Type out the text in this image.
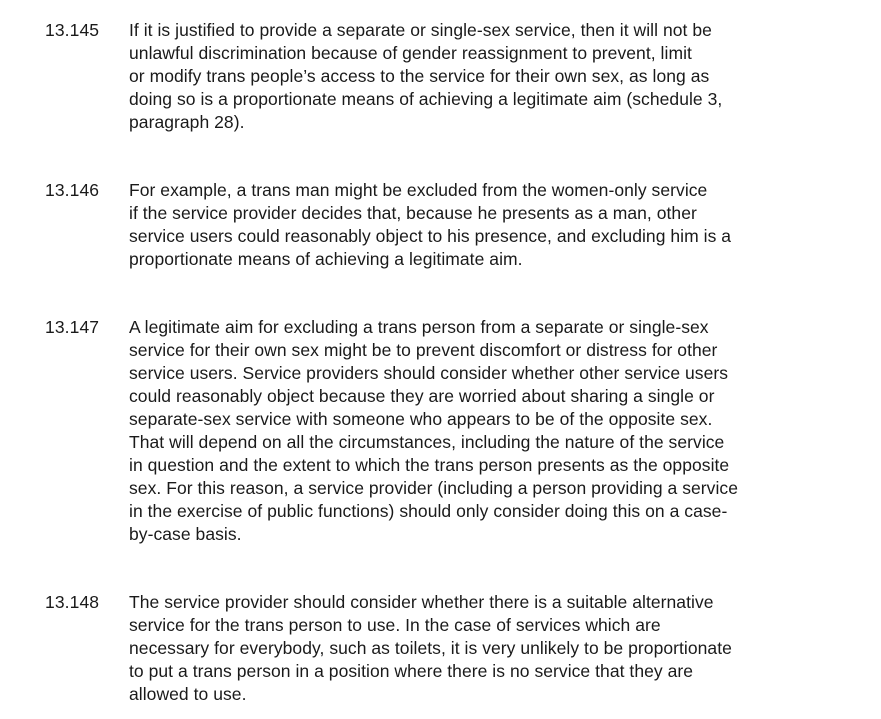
13.145 If it is justified to provide a separate or single-sex service, then it will not be
unlawful discrimination because of gender reassignment to prevent, limit
or modify trans people’s access to the service for their own sex, as long as
doing so is a proportionate means of achieving a legitimate aim (schedule 3,
paragraph 28).
13.146 For example, a trans man might be excluded from the women-only service
if the service provider decides that, because he presents as a man, other
service users could reasonably object to his presence, and excluding him is a
proportionate means of achieving a legitimate aim.
13.147 A legitimate aim for excluding a trans person from a separate or single-sex
service for their own sex might be to prevent discomfort or distress for other
service users. Service providers should consider whether other service users
could reasonably object because they are worried about sharing a single or
separate-sex service with someone who appears to be of the opposite sex.
That will depend on all the circumstances, including the nature of the service
in question and the extent to which the trans person presents as the opposite
sex. For this reason, a service provider (including a person providing a service
in the exercise of public functions) should only consider doing this on a case-
by-case basis.
13.148 The service provider should consider whether there is a suitable alternative
service for the trans person to use. In the case of services which are
necessary for everybody, such as toilets, it is very unlikely to be proportionate
to put a trans person in a position where there is no service that they are
allowed to use.
